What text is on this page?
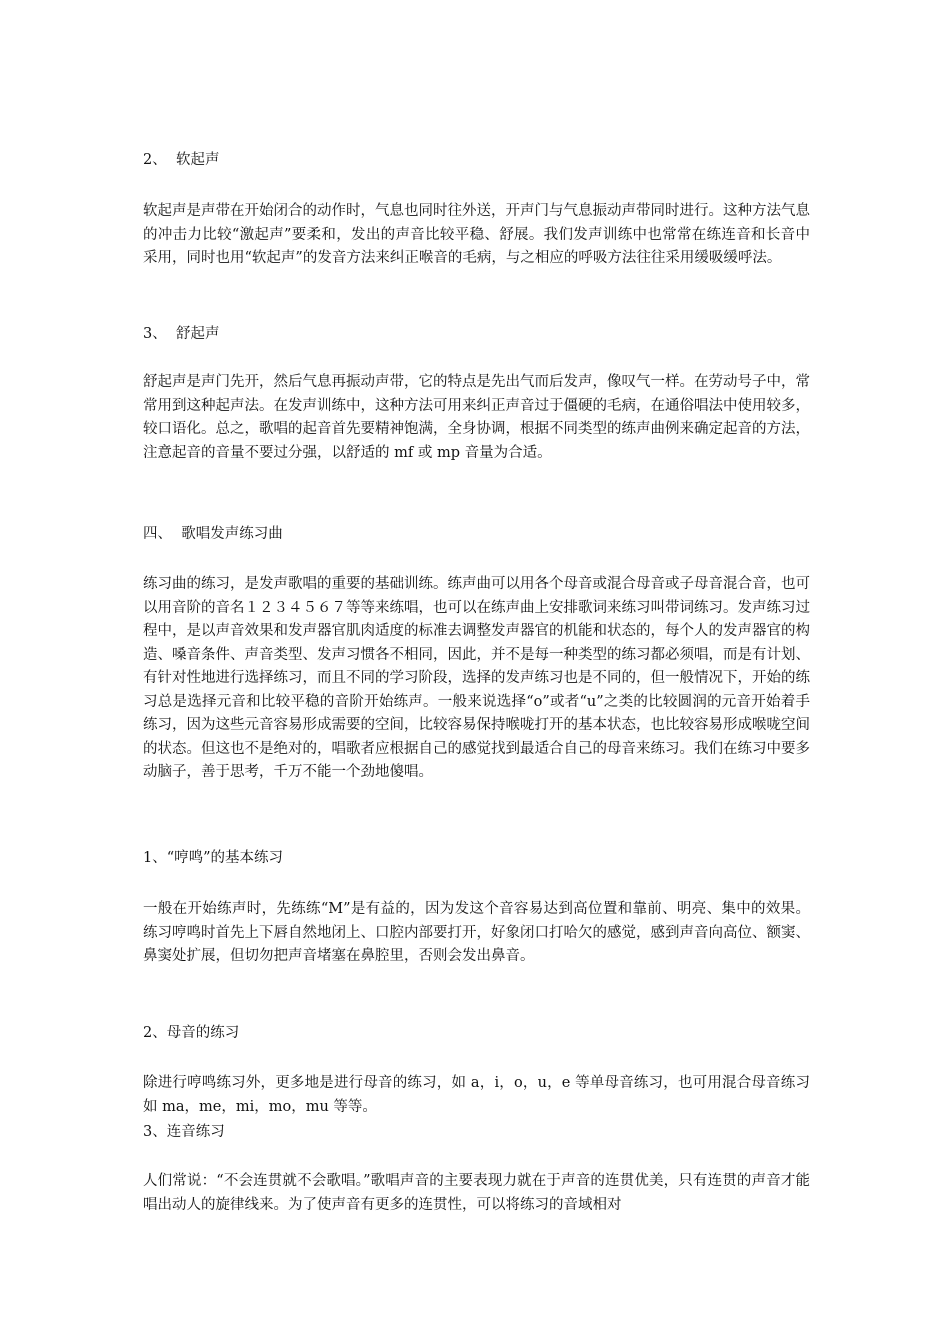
2、  软起声

软起声是声带在开始闭合的动作时，气息也同时往外送，开声门与气息振动声带同时进行。这种方法气息的冲击力比较“激起声”要柔和，发出的声音比较平稳、舒展。我们发声训练中也常常在练连音和长音中采用，同时也用“软起声”的发音方法来纠正喉音的毛病，与之相应的呼吸方法往往采用缓吸缓呼法。

3、  舒起声

舒起声是声门先开，然后气息再振动声带，它的特点是先出气而后发声，像叹气一样。在劳动号子中，常常用到这种起声法。在发声训练中，这种方法可用来纠正声音过于僵硬的毛病，在通俗唱法中使用较多，较口语化。总之，歌唱的起音首先要精神饱满，全身协调，根据不同类型的练声曲例来确定起音的方法，注意起音的音量不要过分强，以舒适的 mf 或 mp 音量为合适。

四、  歌唱发声练习曲

练习曲的练习，是发声歌唱的重要的基础训练。练声曲可以用各个母音或混合母音或子母音混合音，也可以用音阶的音名１２３４５６７等等来练唱，也可以在练声曲上安排歌词来练习叫带词练习。发声练习过程中，是以声音效果和发声器官肌肉适度的标准去调整发声器官的机能和状态的，每个人的发声器官的构造、嗓音条件、声音类型、发声习惯各不相同，因此，并不是每一种类型的练习都必须唱，而是有计划、有针对性地进行选择练习，而且不同的学习阶段，选择的发声练习也是不同的，但一般情况下，开始的练习总是选择元音和比较平稳的音阶开始练声。一般来说选择“o”或者“u”之类的比较圆润的元音开始着手练习，因为这些元音容易形成需要的空间，比较容易保持喉咙打开的基本状态，也比较容易形成喉咙空间的状态。但这也不是绝对的，唱歌者应根据自己的感觉找到最适合自己的母音来练习。我们在练习中要多动脑子，善于思考，千万不能一个劲地傻唱。

1、“哼鸣”的基本练习

一般在开始练声时，先练练“M”是有益的，因为发这个音容易达到高位置和靠前、明亮、集中的效果。练习哼鸣时首先上下唇自然地闭上、口腔内部要打开，好象闭口打哈欠的感觉，感到声音向高位、额窦、鼻窦处扩展，但切勿把声音堵塞在鼻腔里，否则会发出鼻音。

2、母音的练习

除进行哼鸣练习外，更多地是进行母音的练习，如 a，i，o，u，e 等单母音练习，也可用混合母音练习如 ma，me，mi，mo，mu 等等。

3、连音练习

人们常说：“不会连贯就不会歌唱。”歌唱声音的主要表现力就在于声音的连贯优美，只有连贯的声音才能唱出动人的旋律线来。为了使声音有更多的连贯性，可以将练习的音域相对
